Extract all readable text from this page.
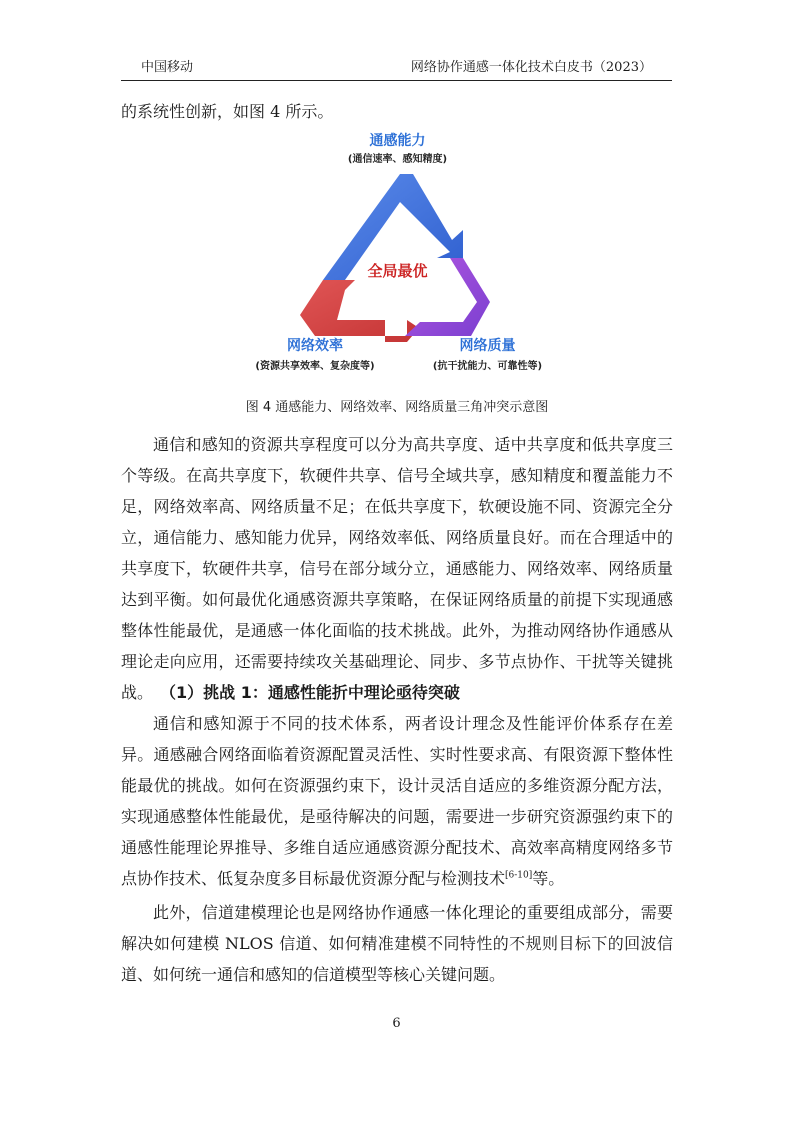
中国移动	网络协作通感一体化技术白皮书（2023）
的系统性创新，如图 4 所示。
通感能力
(通信速率、感知精度)
全局最优
网络效率
(资源共享效率、复杂度等)
网络质量
(抗干扰能力、可靠性等)
图 4 通感能力、网络效率、网络质量三角冲突示意图
通信和感知的资源共享程度可以分为高共享度、适中共享度和低共享度三个等级。在高共享度下，软硬件共享、信号全域共享，感知精度和覆盖能力不足，网络效率高、网络质量不足；在低共享度下，软硬设施不同、资源完全分立，通信能力、感知能力优异，网络效率低、网络质量良好。而在合理适中的共享度下，软硬件共享，信号在部分域分立，通感能力、网络效率、网络质量达到平衡。如何最优化通感资源共享策略，在保证网络质量的前提下实现通感整体性能最优，是通感一体化面临的技术挑战。此外，为推动网络协作通感从理论走向应用，还需要持续攻关基础理论、同步、多节点协作、干扰等关键挑战。 （1）挑战 1：通感性能折中理论亟待突破
通信和感知源于不同的技术体系，两者设计理念及性能评价体系存在差异。通感融合网络面临着资源配置灵活性、实时性要求高、有限资源下整体性能最优的挑战。如何在资源强约束下，设计灵活自适应的多维资源分配方法，实现通感整体性能最优，是亟待解决的问题，需要进一步研究资源强约束下的通感性能理论界推导、多维自适应通感资源分配技术、高效率高精度网络多节点协作技术、低复杂度多目标最优资源分配与检测技术[6-10]等。
此外，信道建模理论也是网络协作通感一体化理论的重要组成部分，需要解决如何建模 NLOS 信道、如何精准建模不同特性的不规则目标下的回波信道、如何统一通信和感知的信道模型等核心关键问题。
6
